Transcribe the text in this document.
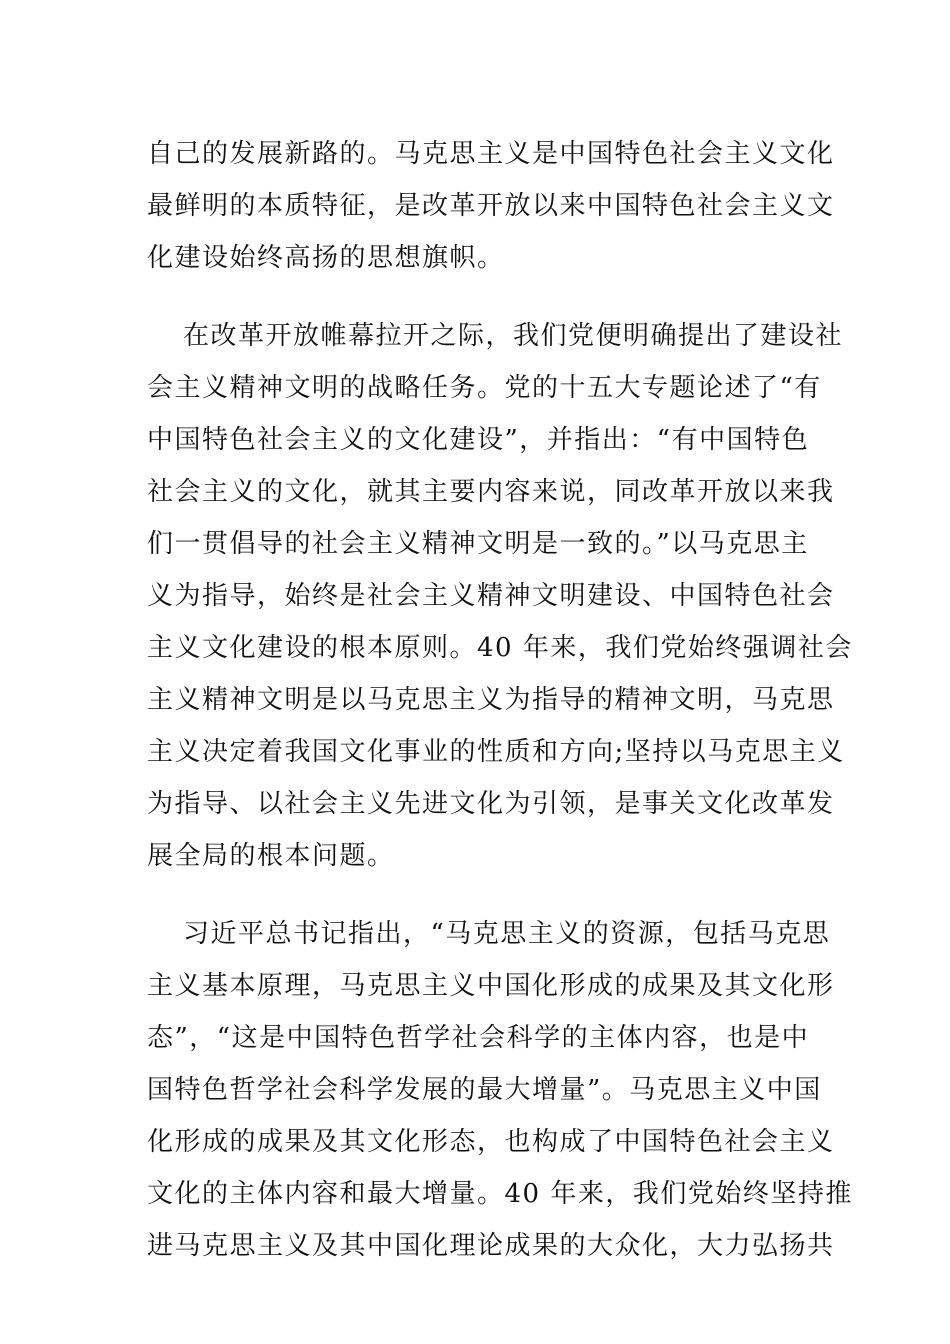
自己的发展新路的。马克思主义是中国特色社会主义文化
最鲜明的本质特征，是改革开放以来中国特色社会主义文
化建设始终高扬的思想旗帜。
在改革开放帷幕拉开之际，我们党便明确提出了建设社
会主义精神文明的战略任务。党的十五大专题论述了“有
中国特色社会主义的文化建设”，并指出：“有中国特色
社会主义的文化，就其主要内容来说，同改革开放以来我
们一贯倡导的社会主义精神文明是一致的。”以马克思主
义为指导，始终是社会主义精神文明建设、中国特色社会
主义文化建设的根本原则。40 年来，我们党始终强调社会
主义精神文明是以马克思主义为指导的精神文明，马克思
主义决定着我国文化事业的性质和方向;坚持以马克思主义
为指导、以社会主义先进文化为引领，是事关文化改革发
展全局的根本问题。
习近平总书记指出，“马克思主义的资源，包括马克思
主义基本原理，马克思主义中国化形成的成果及其文化形
态”，“这是中国特色哲学社会科学的主体内容，也是中
国特色哲学社会科学发展的最大增量”。马克思主义中国
化形成的成果及其文化形态，也构成了中国特色社会主义
文化的主体内容和最大增量。40 年来，我们党始终坚持推
进马克思主义及其中国化理论成果的大众化，大力弘扬共
